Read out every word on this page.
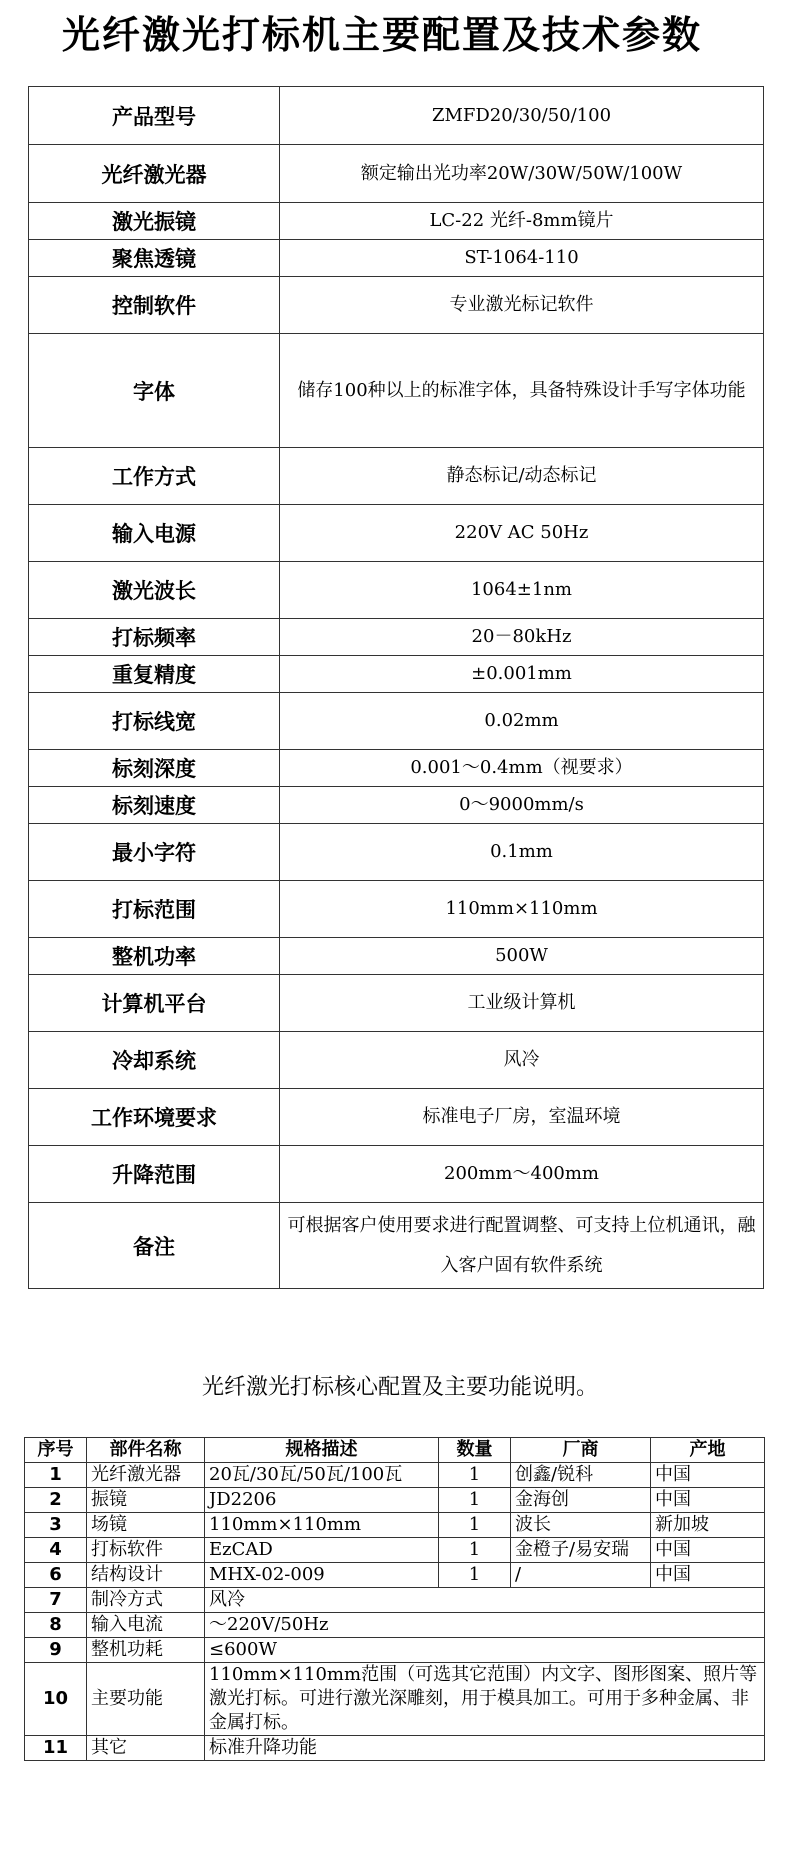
光纤激光打标机主要配置及技术参数
产品型号	ZMFD20/30/50/100
光纤激光器	额定输出光功率20W/30W/50W/100W
激光振镜	LC-22 光纤-8mm镜片
聚焦透镜	ST-1064-110
控制软件	专业激光标记软件
字体	储存100种以上的标准字体，具备特殊设计手写字体功能
工作方式	静态标记/动态标记
输入电源	220V AC 50Hz
激光波长	1064±1nm
打标频率	20－80kHz
重复精度	±0.001mm
打标线宽	0.02mm
标刻深度	0.001～0.4mm（视要求）
标刻速度	0～9000mm/s
最小字符	0.1mm
打标范围	110mm×110mm
整机功率	500W
计算机平台	工业级计算机
冷却系统	风冷
工作环境要求	标准电子厂房，室温环境
升降范围	200mm～400mm
备注	可根据客户使用要求进行配置调整、可支持上位机通讯，融入客户固有软件系统
光纤激光打标核心配置及主要功能说明。
序号	部件名称	规格描述	数量	厂商	产地
1	光纤激光器	20瓦/30瓦/50瓦/100瓦	1	创鑫/锐科	中国
2	振镜	JD2206	1	金海创	中国
3	场镜	110mm×110mm	1	波长	新加坡
4	打标软件	EzCAD	1	金橙子/易安瑞	中国
6	结构设计	MHX-02-009	1	/	中国
7	制冷方式	风冷			
8	输入电流	～220V/50Hz			
9	整机功耗	≤600W			
10	主要功能	110mm×110mm范围（可选其它范围）内文字、图形图案、照片等激光打标。可进行激光深雕刻，用于模具加工。可用于多种金属、非金属打标。			
11	其它	标准升降功能			
